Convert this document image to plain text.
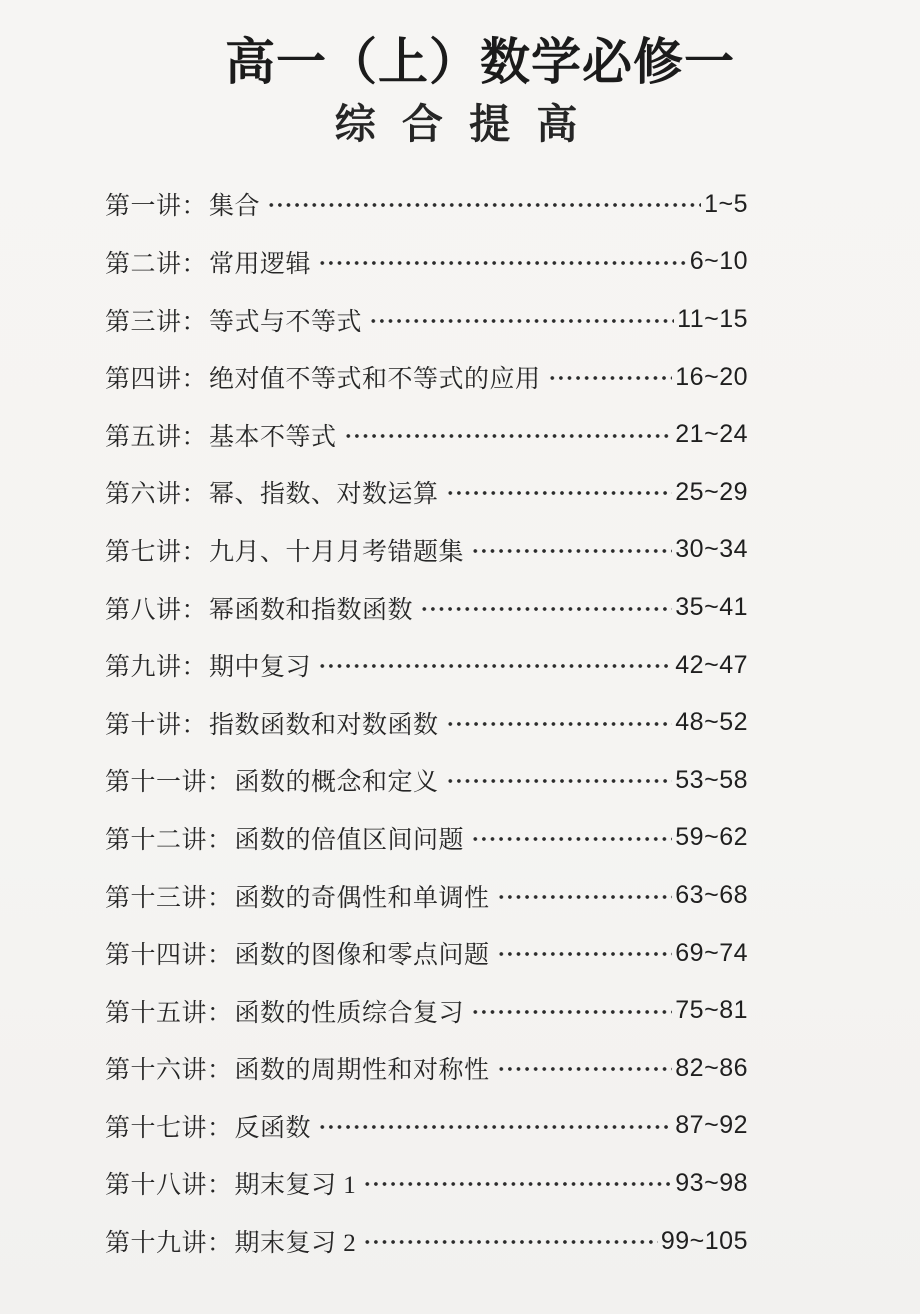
高一（上）数学必修一
综 合 提 高
第一讲： 集合	1~5
第二讲： 常用逻辑	6~10
第三讲： 等式与不等式	11~15
第四讲： 绝对值不等式和不等式的应用	16~20
第五讲： 基本不等式	21~24
第六讲： 幂、指数、对数运算	25~29
第七讲： 九月、十月月考错题集	30~34
第八讲： 幂函数和指数函数	35~41
第九讲： 期中复习	42~47
第十讲： 指数函数和对数函数	48~52
第十一讲： 函数的概念和定义	53~58
第十二讲： 函数的倍值区间问题	59~62
第十三讲： 函数的奇偶性和单调性	63~68
第十四讲： 函数的图像和零点问题	69~74
第十五讲： 函数的性质综合复习	75~81
第十六讲： 函数的周期性和对称性	82~86
第十七讲： 反函数	87~92
第十八讲： 期末复习 1	93~98
第十九讲： 期末复习 2	99~105
